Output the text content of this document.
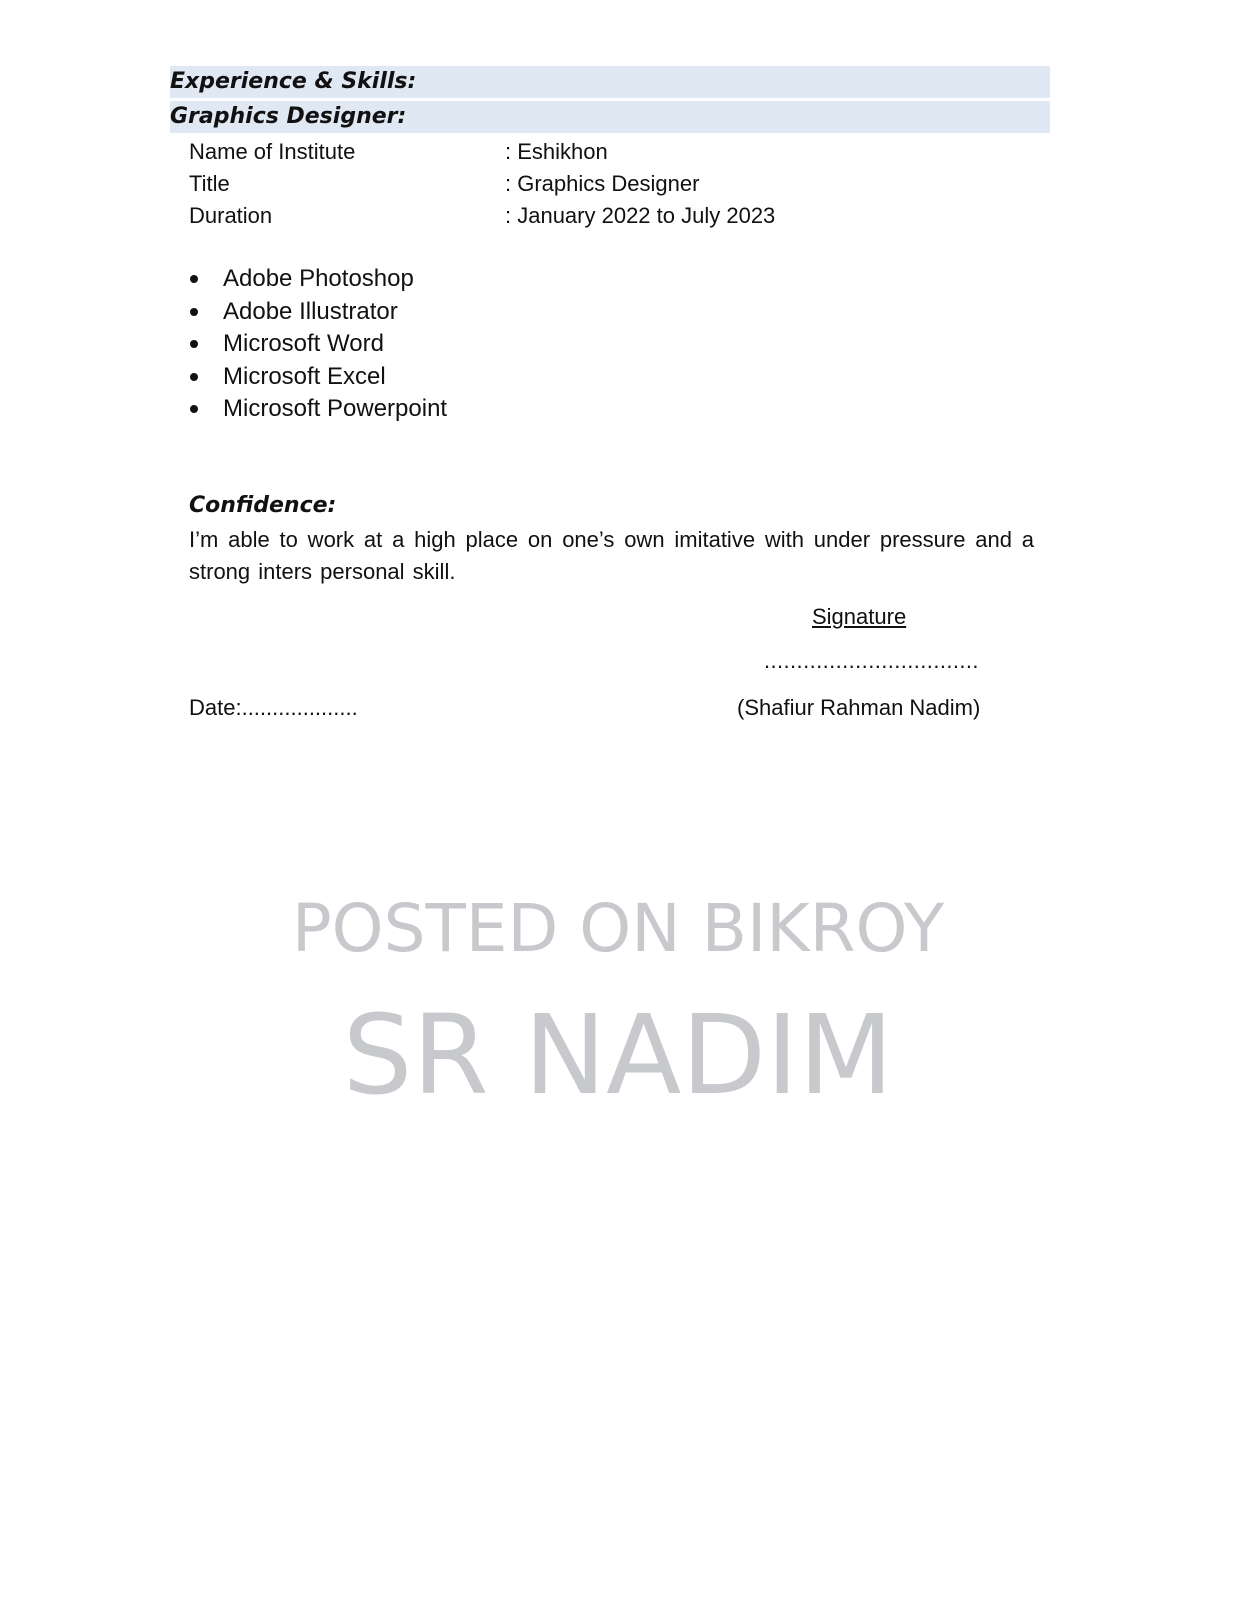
Experience & Skills:
Graphics Designer:
Name of Institute	: Eshikhon
Title	: Graphics Designer
Duration	: January 2022 to July 2023
Adobe Photoshop
Adobe Illustrator
Microsoft Word
Microsoft Excel
Microsoft Powerpoint
Confidence:
I’m able to work at a high place on one’s own imitative with under pressure and a strong inters personal skill.
Signature
.................................
Date:...................	(Shafiur Rahman Nadim)
POSTED ON BIKROY
SR NADIM
